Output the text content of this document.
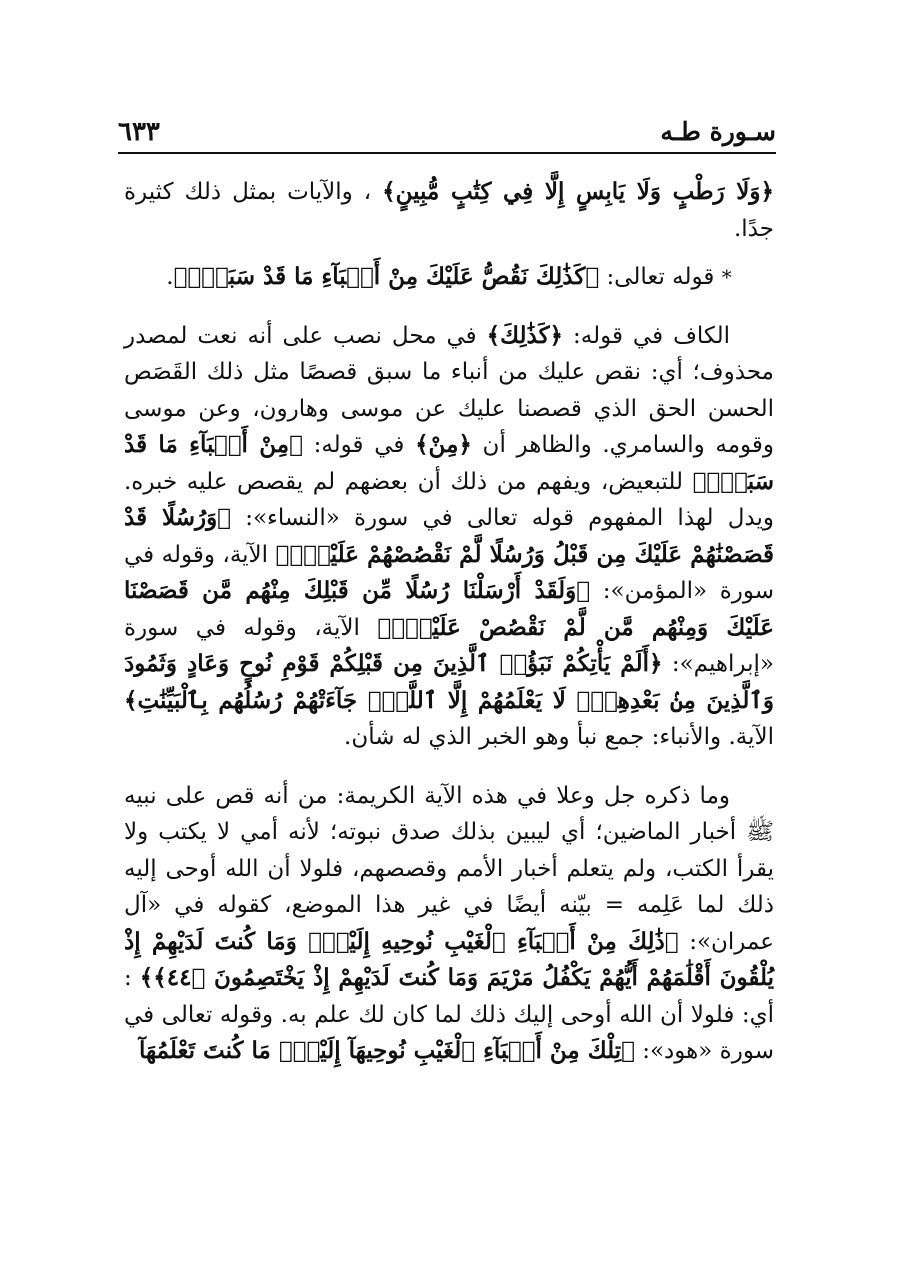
سـورة طـه
٦٣٣

﴿وَلَا رَطْبٍ وَلَا يَابِسٍ إِلَّا فِي كِتَٰبٍ مُّبِينٍ﴾ ، والآيات بمثل ذلك كثيرة جدًا.

* قوله تعالى: ﴿كَذَٰلِكَ نَقُصُّ عَلَيْكَ مِنْ أَنۢبَآءِ مَا قَدْ سَبَقَۚ﴾.

الكاف في قوله: ﴿كَذَٰلِكَ﴾ في محل نصب على أنه نعت لمصدر محذوف؛ أي: نقص عليك من أنباء ما سبق قصصًا مثل ذلك القَصَص الحسن الحق الذي قصصنا عليك عن موسى وهارون، وعن موسى وقومه والسامري. والظاهر أن ﴿مِنْ﴾ في قوله: ﴿مِنْ أَنۢبَآءِ مَا قَدْ سَبَقَۚ﴾ للتبعيض، ويفهم من ذلك أن بعضهم لم يقصص عليه خبره. ويدل لهذا المفهوم قوله تعالى في سورة «النساء»: ﴿وَرُسُلًا قَدْ قَصَصْنَٰهُمْ عَلَيْكَ مِن قَبْلُ وَرُسُلًا لَّمْ نَقْصُصْهُمْ عَلَيْكَۚ﴾ الآية، وقوله في سورة «المؤمن»: ﴿وَلَقَدْ أَرْسَلْنَا رُسُلًا مِّن قَبْلِكَ مِنْهُم مَّن قَصَصْنَا عَلَيْكَ وَمِنْهُم مَّن لَّمْ نَقْصُصْ عَلَيْكَۗ﴾ الآية، وقوله في سورة «إبراهيم»: ﴿أَلَمْ يَأْتِكُمْ نَبَؤُا۟ ٱلَّذِينَ مِن قَبْلِكُمْ قَوْمِ نُوحٍ وَعَادٍ وَثَمُودَ وَٱلَّذِينَ مِنۢ بَعْدِهِمْۛ لَا يَعْلَمُهُمْ إِلَّا ٱللَّهُۚ جَآءَتْهُمْ رُسُلُهُم بِٱلْبَيِّنَٰتِ﴾ الآية. والأنباء: جمع نبأ وهو الخبر الذي له شأن.

وما ذكره جل وعلا في هذه الآية الكريمة: من أنه قص على نبيه ﷺ أخبار الماضين؛ أي ليبين بذلك صدق نبوته؛ لأنه أمي لا يكتب ولا يقرأ الكتب، ولم يتعلم أخبار الأمم وقصصهم، فلولا أن الله أوحى إليه ذلك لما عَلِمه = بيّنه أيضًا في غير هذا الموضع، كقوله في «آل عمران»: ﴿ذَٰلِكَ مِنْ أَنۢبَآءِ ٱلْغَيْبِ نُوحِيهِ إِلَيْكَۚ وَمَا كُنتَ لَدَيْهِمْ إِذْ يُلْقُونَ أَقْلَٰمَهُمْ أَيُّهُمْ يَكْفُلُ مَرْيَمَ وَمَا كُنتَ لَدَيْهِمْ إِذْ يَخْتَصِمُونَ ﴿٤٤﴾﴾ : أي: فلولا أن الله أوحى إليك ذلك لما كان لك علم به. وقوله تعالى في سورة «هود»: ﴿تِلْكَ مِنْ أَنۢبَآءِ ٱلْغَيْبِ نُوحِيهَآ إِلَيْكَۖ مَا كُنتَ تَعْلَمُهَآ
